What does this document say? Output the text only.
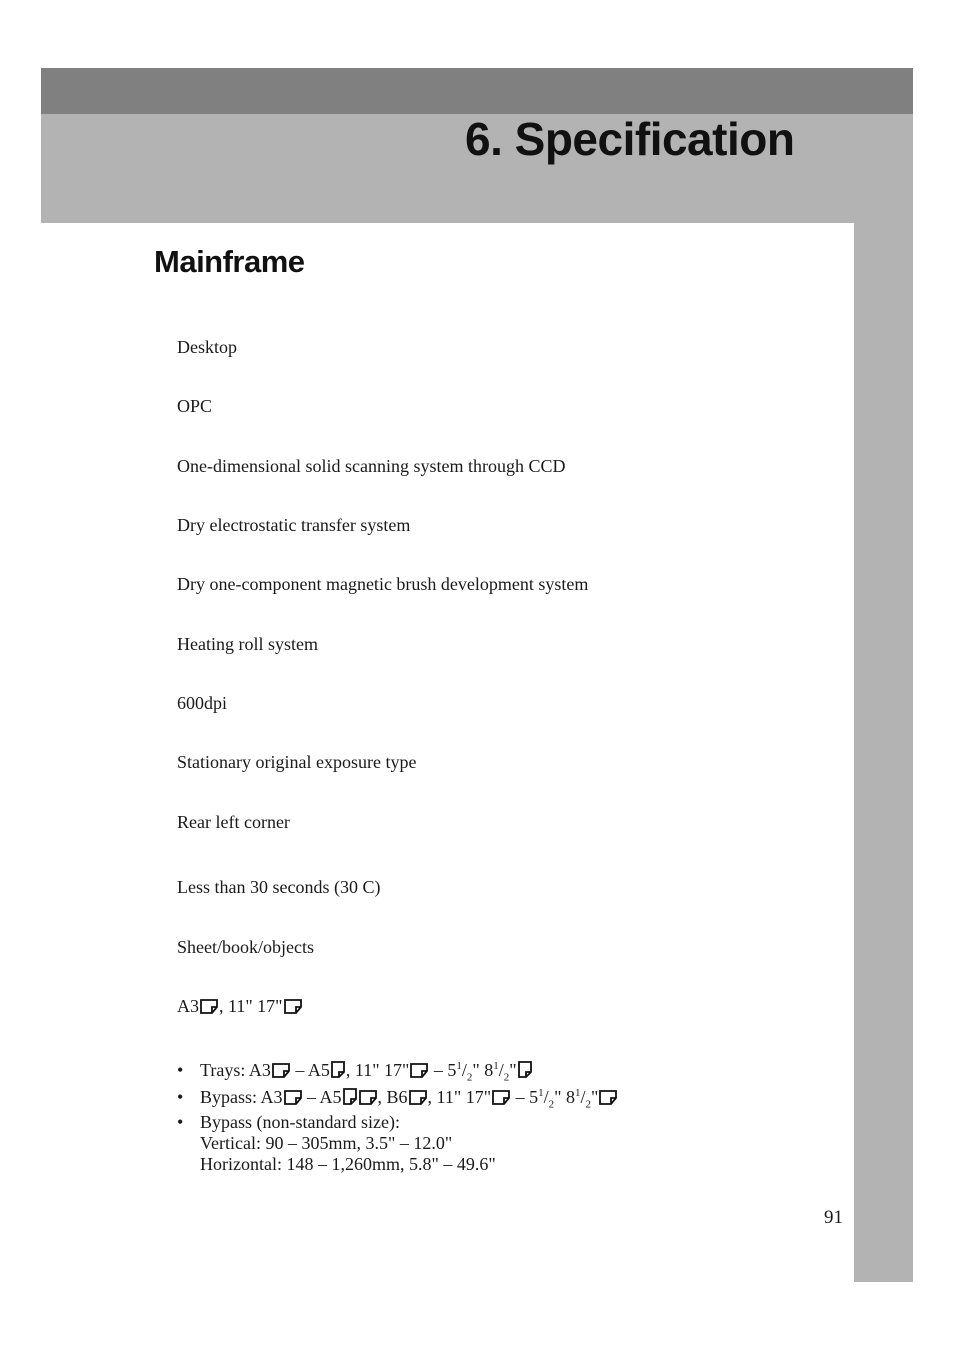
6. Specification
Mainframe
Desktop
OPC
One-dimensional solid scanning system through CCD
Dry electrostatic transfer system
Dry one-component magnetic brush development system
Heating roll system
600dpi
Stationary original exposure type
Rear left corner
Less than 30 seconds (30 C)
Sheet/book/objects
A3 , 11" 17"
• Trays: A3 – A5 , 11" 17" – $5^1/_2$" $8^1/_2$"
• Bypass: A3 – A5 , B6 , 11" 17" – $5^1/_2$" $8^1/_2$"
• Bypass (non-standard size):
Vertical: 90 – 305mm, 3.5" – 12.0"
Horizontal: 148 – 1,260mm, 5.8" – 49.6"
91
